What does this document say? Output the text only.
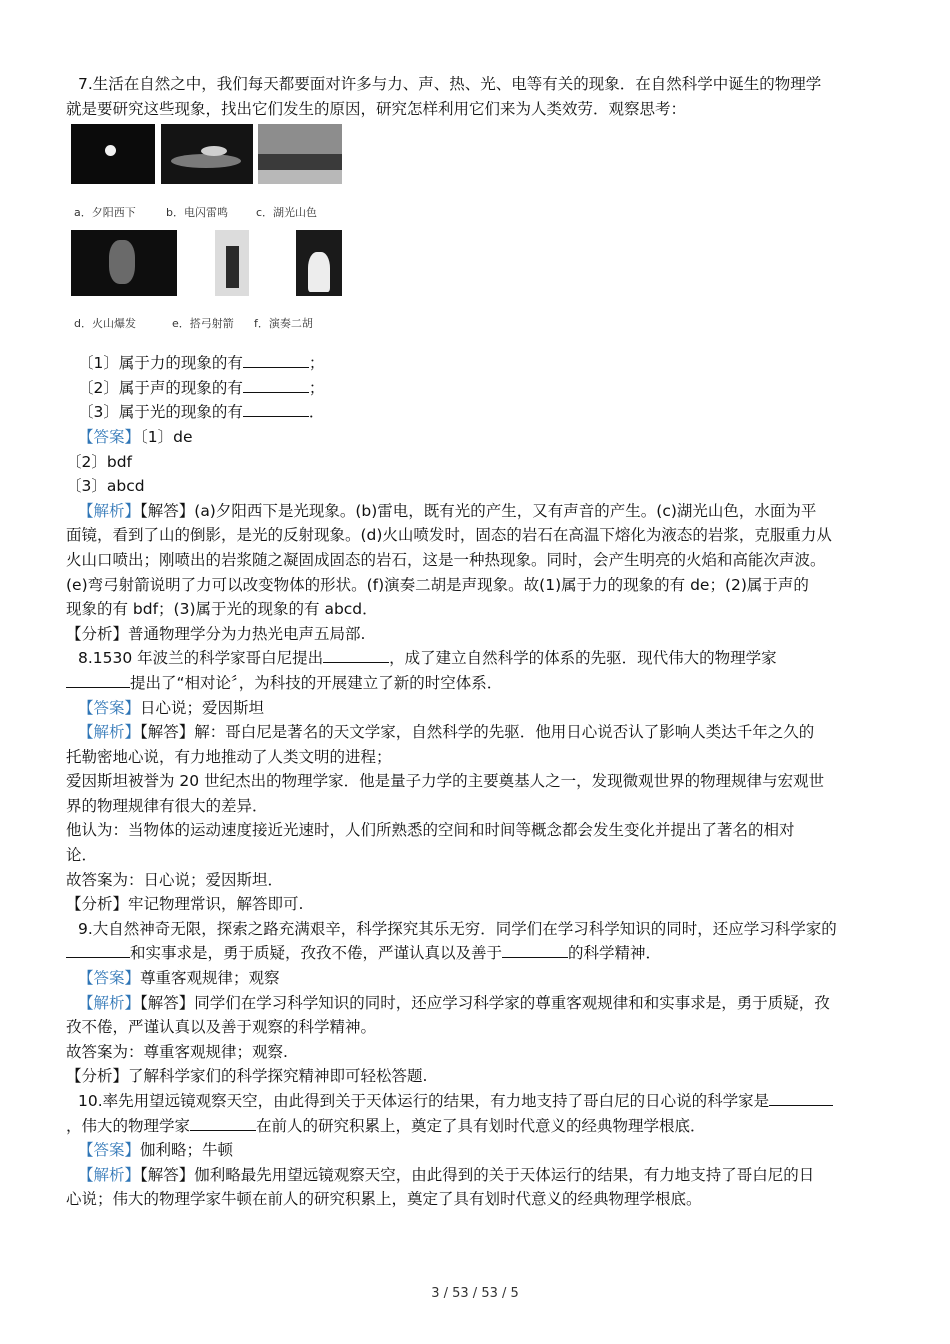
7.生活在自然之中，我们每天都要面对许多与力、声、热、光、电等有关的现象．在自然科学中诞生的物理学
就是要研究这些现象，找出它们发生的原因，研究怎样利用它们来为人类效劳．观察思考：
a．夕阳西下	b．电闪雷鸣	c．湖光山色
d．火山爆发	e．搭弓射箭 f．演奏二胡
〔1〕属于力的现象的有	；
〔2〕属于声的现象的有	；
〔3〕属于光的现象的有	．
【答案】〔1〕de
〔2〕bdf
〔3〕abcd
【解析】【解答】(a)夕阳西下是光现象。(b)雷电，既有光的产生，又有声音的产生。(c)湖光山色，水面为平
面镜，看到了山的倒影，是光的反射现象。(d)火山喷发时，固态的岩石在高温下熔化为液态的岩浆，克服重力从
火山口喷出；刚喷出的岩浆随之凝固成固态的岩石，这是一种热现象。同时，会产生明亮的火焰和高能次声波。
(e)弯弓射箭说明了力可以改变物体的形状。(f)演奏二胡是声现象。故(1)属于力的现象的有 de；(2)属于声的
现象的有 bdf；(3)属于光的现象的有 abcd．
【分析】普通物理学分为力热光电声五局部.
8.1530 年波兰的科学家哥白尼提出	，成了建立自然科学的体系的先驱．现代伟大的物理学家
提出了“相对论〞，为科技的开展建立了新的时空体系．
【答案】日心说；爱因斯坦
【解析】【解答】解：哥白尼是著名的天文学家，自然科学的先驱．他用日心说否认了影响人类达千年之久的
托勒密地心说，有力地推动了人类文明的进程；
爱因斯坦被誉为 20 世纪杰出的物理学家．他是量子力学的主要奠基人之一，发现微观世界的物理规律与宏观世
界的物理规律有很大的差异．
他认为：当物体的运动速度接近光速时，人们所熟悉的空间和时间等概念都会发生变化并提出了著名的相对
论．
故答案为：日心说；爱因斯坦．
【分析】牢记物理常识，解答即可.
9.大自然神奇无限，探索之路充满艰辛，科学探究其乐无穷．同学们在学习科学知识的同时，还应学习科学家的
和实事求是，勇于质疑，孜孜不倦，严谨认真以及善于	的科学精神．
【答案】尊重客观规律；观察
【解析】【解答】同学们在学习科学知识的同时，还应学习科学家的尊重客观规律和和实事求是，勇于质疑，孜
孜不倦，严谨认真以及善于观察的科学精神。
故答案为：尊重客观规律；观察.
【分析】了解科学家们的科学探究精神即可轻松答题.
10.率先用望远镜观察天空，由此得到关于天体运行的结果，有力地支持了哥白尼的日心说的科学家是
，伟大的物理学家	在前人的研究积累上，奠定了具有划时代意义的经典物理学根底．
【答案】伽利略；牛顿
【解析】【解答】伽利略最先用望远镜观察天空，由此得到的关于天体运行的结果，有力地支持了哥白尼的日
心说；伟大的物理学家牛顿在前人的研究积累上，奠定了具有划时代意义的经典物理学根底。
3 / 53 / 53 / 5
